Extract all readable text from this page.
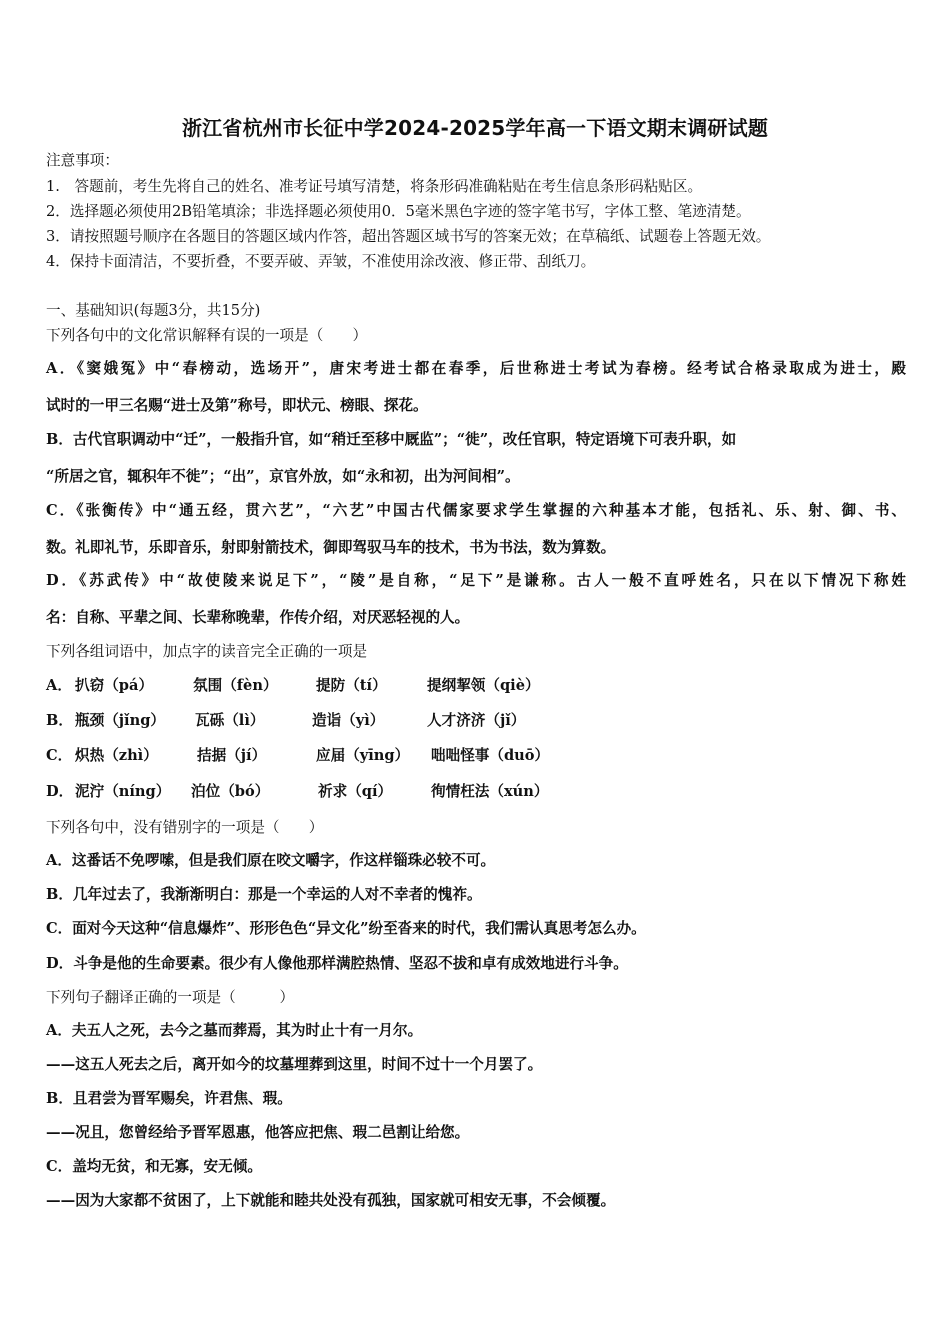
浙江省杭州市长征中学2024-2025学年高一下语文期末调研试题
注意事项：
1.　答题前，考生先将自己的姓名、准考证号填写清楚，将条形码准确粘贴在考生信息条形码粘贴区。
2．选择题必须使用2B铅笔填涂；非选择题必须使用0．5毫米黑色字迹的签字笔书写，字体工整、笔迹清楚。
3．请按照题号顺序在各题目的答题区域内作答，超出答题区域书写的答案无效；在草稿纸、试题卷上答题无效。
4．保持卡面清洁，不要折叠，不要弄破、弄皱，不准使用涂改液、修正带、刮纸刀。
一、基础知识(每题3分，共15分)
下列各句中的文化常识解释有误的一项是（　　）
A．《窦娥冤》中“春榜动，选场开”，唐宋考进士都在春季，后世称进士考试为春榜。经考试合格录取成为进士，殿
试时的一甲三名赐“进士及第”称号，即状元、榜眼、探花。
B．古代官职调动中“迁”，一般指升官，如“稍迁至移中厩监”；“徙”，改任官职，特定语境下可表升职，如
“所居之官，辄积年不徙”；“出”，京官外放，如“永和初，出为河间相”。
C．《张衡传》中“通五经，贯六艺”，“六艺”中国古代儒家要求学生掌握的六种基本才能，包括礼、乐、射、御、书、
数。礼即礼节，乐即音乐，射即射箭技术，御即驾驭马车的技术，书为书法，数为算数。
D．《苏武传》中“故使陵来说足下”，“陵”是自称，“足下”是谦称。古人一般不直呼姓名，只在以下情况下称姓
名：自称、平辈之间、长辈称晚辈，作传介绍，对厌恶轻视的人。
下列各组词语中，加点字的读音完全正确的一项是
A． 扒窃（pá）	氛围（fèn）	提防（tí）	提纲挈领（qiè）
B． 瓶颈（jǐng） 瓦砾（lì）	造诣（yì）	人才济济（jǐ）
C． 炽热（zhì）	拮据（jí）	应届（yīng） 咄咄怪事（duō）
D． 泥泞（níng） 泊位（bó）	祈求（qí）	徇情枉法（xún）
下列各句中，没有错别字的一项是（　　）
A．这番话不免啰嗦，但是我们原在咬文嚼字，作这样锱珠必较不可。
B．几年过去了，我渐渐明白：那是一个幸运的人对不幸者的愧祚。
C．面对今天这种“信息爆炸”、形形色色“异文化”纷至沓来的时代，我们需认真思考怎么办。
D．斗争是他的生命要素。很少有人像他那样满腔热情、坚忍不拔和卓有成效地进行斗争。
下列句子翻译正确的一项是（　　　）
A．夫五人之死，去今之墓而葬焉，其为时止十有一月尔。
——这五人死去之后，离开如今的坟墓埋葬到这里，时间不过十一个月罢了。
B．且君尝为晋军赐矣，许君焦、瑕。
——况且，您曾经给予晋军恩惠，他答应把焦、瑕二邑割让给您。
C．盖均无贫，和无寡，安无倾。
——因为大家都不贫困了，上下就能和睦共处没有孤独，国家就可相安无事，不会倾覆。
